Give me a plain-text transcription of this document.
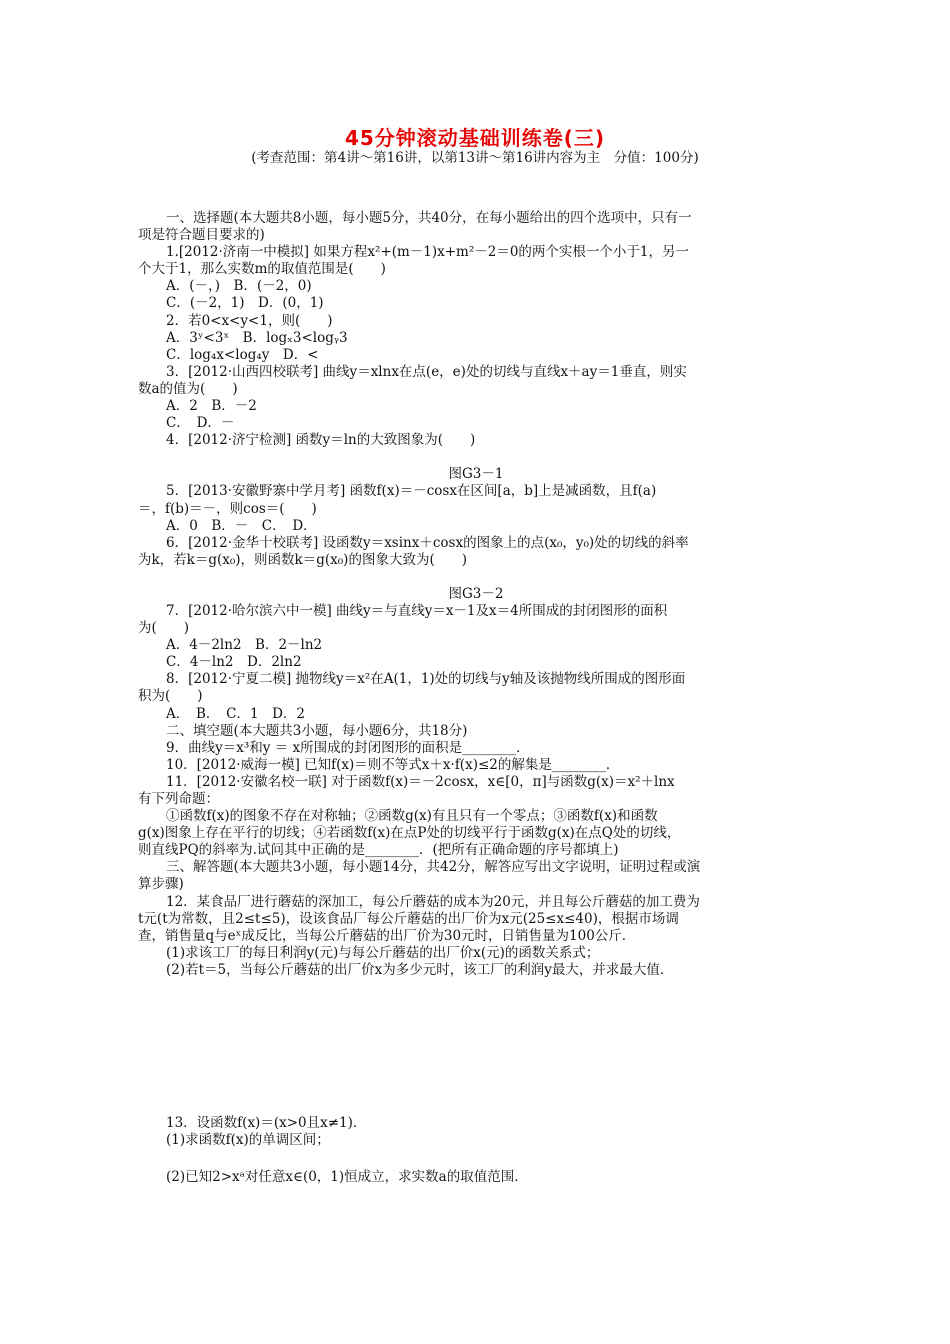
45分钟滚动基础训练卷(三)
(考查范围：第4讲～第16讲，以第13讲～第16讲内容为主　分值：100分)
一、选择题(本大题共8小题，每小题5分，共40分，在每小题给出的四个选项中，只有一
项是符合题目要求的)
1.[2012·济南一中模拟] 如果方程x²+(m－1)x+m²－2＝0的两个实根一个小于1，另一
个大于1，那么实数m的取值范围是(　　)
A．(－，)　B．(－2，0)
C．(－2，1)　D．(0，1)
2．若0<x<y<1，则(　　)
A．3ʸ<3ˣ　B．logₓ3<logᵧ3
C．log₄x<log₄y　D．<
3．[2012·山西四校联考] 曲线y＝xlnx在点(e，e)处的切线与直线x＋ay＝1垂直，则实
数a的值为(　　)
A．2　B．－2
C．　D．－
4．[2012·济宁检测] 函数y＝ln的大致图象为(　　)
图G3－1
5．[2013·安徽野寨中学月考] 函数f(x)＝－cosx在区间[a，b]上是减函数，且f(a)
＝，f(b)＝－，则cos＝(　　)
A．0　B．－　C．　D．
6．[2012·金华十校联考] 设函数y＝xsinx＋cosx的图象上的点(x₀，y₀)处的切线的斜率
为k，若k＝g(x₀)，则函数k＝g(x₀)的图象大致为(　　)
图G3－2
7．[2012·哈尔滨六中一模] 曲线y＝与直线y＝x－1及x＝4所围成的封闭图形的面积
为(　　)
A．4－2ln2　B．2－ln2
C．4－ln2　D．2ln2
8．[2012·宁夏二模] 抛物线y＝x²在A(1，1)处的切线与y轴及该抛物线所围成的图形面
积为(　　)
A．　B．　C．1　D．2
二、填空题(本大题共3小题，每小题6分，共18分)
9．曲线y＝x³和y ＝ x所围成的封闭图形的面积是________．
10．[2012·威海一模] 已知f(x)＝则不等式x＋x·f(x)≤2的解集是________．
11．[2012·安徽名校一联] 对于函数f(x)＝－2cosx，x∈[0，π]与函数g(x)＝x²＋lnx
有下列命题：
①函数f(x)的图象不存在对称轴；②函数g(x)有且只有一个零点；③函数f(x)和函数
g(x)图象上存在平行的切线；④若函数f(x)在点P处的切线平行于函数g(x)在点Q处的切线，
则直线PQ的斜率为.试问其中正确的是________．(把所有正确命题的序号都填上)
三、解答题(本大题共3小题，每小题14分，共42分，解答应写出文字说明，证明过程或演
算步骤)
12．某食品厂进行蘑菇的深加工，每公斤蘑菇的成本为20元，并且每公斤蘑菇的加工费为
t元(t为常数，且2≤t≤5)，设该食品厂每公斤蘑菇的出厂价为x元(25≤x≤40)，根据市场调
查，销售量q与eˣ成反比，当每公斤蘑菇的出厂价为30元时，日销售量为100公斤．
(1)求该工厂的每日利润y(元)与每公斤蘑菇的出厂价x(元)的函数关系式；
(2)若t＝5，当每公斤蘑菇的出厂价x为多少元时，该工厂的利润y最大，并求最大值．
13．设函数f(x)＝(x>0且x≠1)．
(1)求函数f(x)的单调区间；
(2)已知2>xᵃ对任意x∈(0，1)恒成立，求实数a的取值范围．
